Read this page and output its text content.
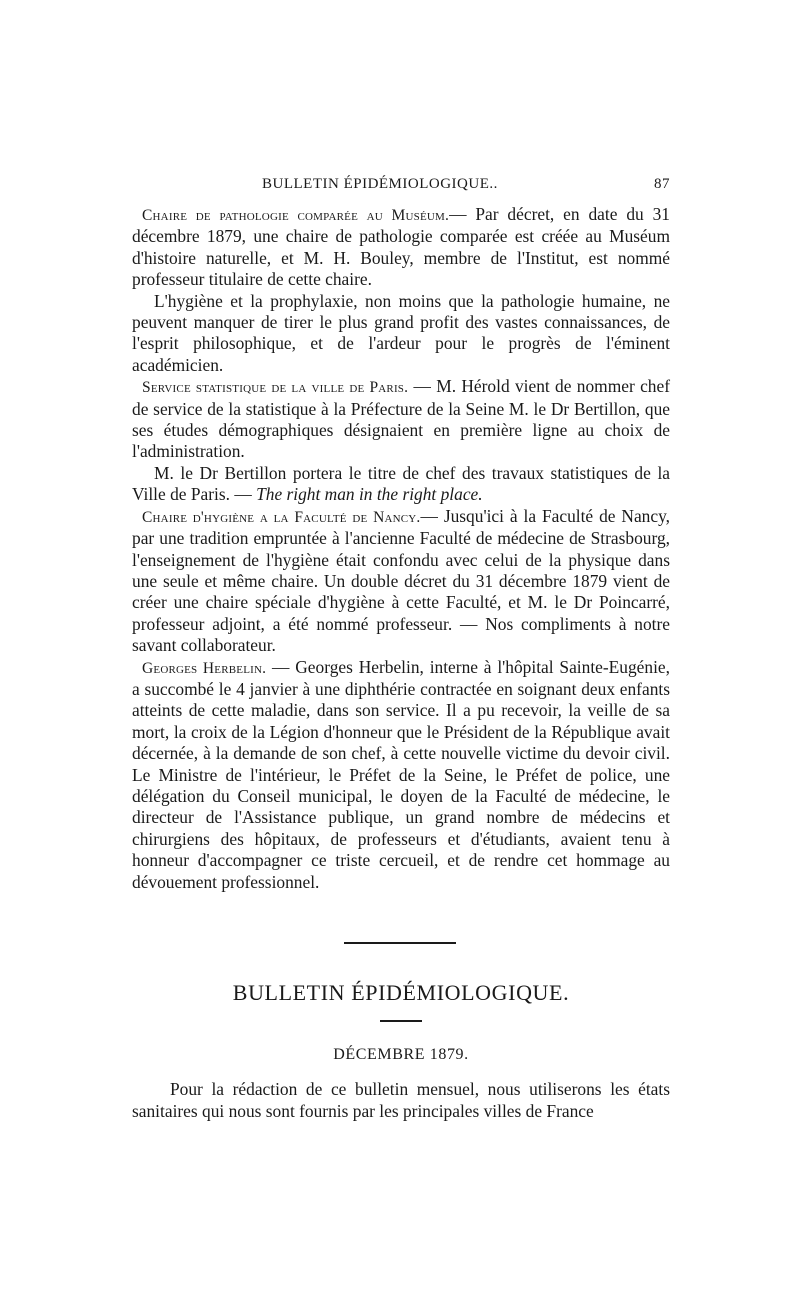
BULLETIN ÉPIDÉMIOLOGIQUE..	87

Chaire de pathologie comparée au Muséum.— Par décret, en date du 31 décembre 1879, une chaire de pathologie comparée est créée au Muséum d'histoire naturelle, et M. H. Bouley, membre de l'Institut, est nommé professeur titulaire de cette chaire.

L'hygiène et la prophylaxie, non moins que la pathologie humaine, ne peuvent manquer de tirer le plus grand profit des vastes connaissances, de l'esprit philosophique, et de l'ardeur pour le progrès de l'éminent académicien.

Service statistique de la ville de Paris. — M. Hérold vient de nommer chef de service de la statistique à la Préfecture de la Seine M. le Dr Bertillon, que ses études démographiques désignaient en première ligne au choix de l'administration.

M. le Dr Bertillon portera le titre de chef des travaux statistiques de la Ville de Paris. — The right man in the right place.

Chaire d'hygiène a la Faculté de Nancy.— Jusqu'ici à la Faculté de Nancy, par une tradition empruntée à l'ancienne Faculté de médecine de Strasbourg, l'enseignement de l'hygiène était confondu avec celui de la physique dans une seule et même chaire. Un double décret du 31 décembre 1879 vient de créer une chaire spéciale d'hygiène à cette Faculté, et M. le Dr Poincarré, professeur adjoint, a été nommé professeur. — Nos compliments à notre savant collaborateur.

Georges Herbelin. — Georges Herbelin, interne à l'hôpital Sainte-Eugénie, a succombé le 4 janvier à une diphthérie contractée en soignant deux enfants atteints de cette maladie, dans son service. Il a pu recevoir, la veille de sa mort, la croix de la Légion d'honneur que le Président de la République avait décernée, à la demande de son chef, à cette nouvelle victime du devoir civil. Le Ministre de l'intérieur, le Préfet de la Seine, le Préfet de police, une délégation du Conseil municipal, le doyen de la Faculté de médecine, le directeur de l'Assistance publique, un grand nombre de médecins et chirurgiens des hôpitaux, de professeurs et d'étudiants, avaient tenu à honneur d'accompagner ce triste cercueil, et de rendre cet hommage au dévouement professionnel.

BULLETIN ÉPIDÉMIOLOGIQUE.
DÉCEMBRE 1879.

Pour la rédaction de ce bulletin mensuel, nous utiliserons les états sanitaires qui nous sont fournis par les principales villes de France
